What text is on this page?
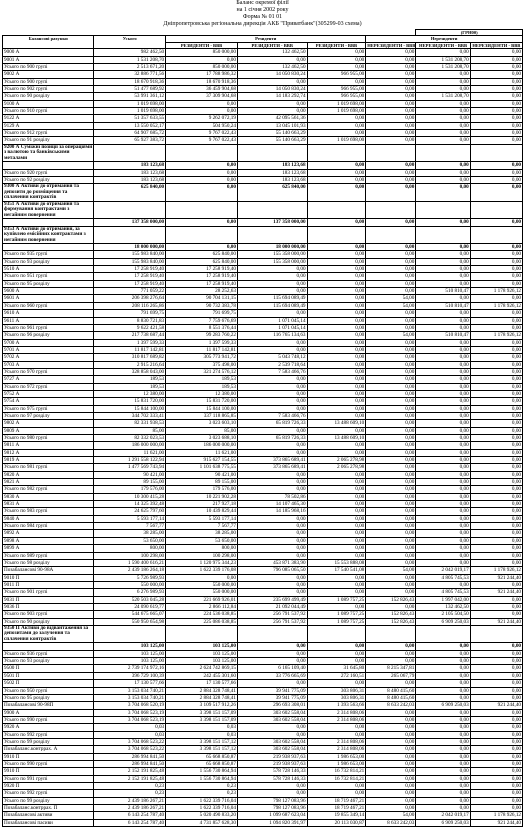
Баланс окремої філії
на 1 січня 2002 року
Форма № 01 01
Дніпропетровська регіональна дирекція АКБ "Приватбанк"(305299-03 схема)
						(ГРН00)	
Балансові рахунки	Усього	Резиденти			Нерезиденти		
		РЕЗИДЕНТИ - ВВВ	РЕЗИДЕНТИ - ВВВ	РЕЗИДЕНТИ - ВВВ	НЕРЕЗИДЕНТИ - ВВВ	НЕРЕЗИДЕНТИ - ВВВ	НЕРЕЗИДЕНТИ - ВВВ
9000 А	982 462,50	850 000,00	132 462,50	0,00	0,00	0,00	0,00
9001 А	1 531 208,70	0,00	0,00	0,00	0,00	1 531 208,70	0,00
Усього по 900 групі	2 513 671,20	850 000,00	132 462,50	0,00	0,00	1 531 208,70	0,00
9002 А	32 886 771,56	17 788 986,32	14 050 830,24	966 955,00	0,00	0,00	0,00
Усього по 900 групі	18 670 918,36	18 670 918,36	0,00	0,00	0,00	0,00	0,00
Усього по 902 групі	51 477 689,92	36 459 904,68	14 050 830,24	966 955,00	0,00	0,00	0,00
Усього по 90 розділу	53 991 361,12	37 309 904,68	14 183 292,74	966 955,00	0,00	1 531 208,70	0,00
9100 А	1 019 698,00	0,00	0,00	1 019 698,00	0,00	0,00	0,00
Усього по 910 групі	1 019 698,00	0,00	0,00	1 019 698,00	0,00	0,00	0,00
9122 А	51 357 633,55	9 262 072,19	42 095 561,36	0,00	0,00	0,00	0,00
9129 А	13 550 052,17	504 950,24	13 045 101,93	0,00	0,00	0,00	0,00
Усього по 912 групі	64 907 685,72	9 767 022,43	55 140 663,29	0,00	0,00	0,00	0,00
Усього по 91 розділу	65 927 383,72	9 767 022,43	55 140 663,29	1 019 698,00	0,00	0,00	0,00
9200 А Суміжні позиції за операціями з валютою та банківськими металами							
	183 123,68	0,00	183 123,68	0,00	0,00	0,00	0,00
Усього по 920 групі	183 123,68	0,00	183 123,68	0,00	0,00	0,00	0,00
Усього по 92 розділу	183 123,68	0,00	183 123,68	0,00	0,00	0,00	0,00
9300 А Активи до отримання та депозити до розміщення та сплачення контрактів	625 840,00	0,00	625 840,00	0,00	0,00	0,00	0,00
9351 А Активи до отримання та формування контрактами з негайним повернення							
	137 358 000,00	0,00	137 358 000,00	0,00	0,00	0,00	0,00
9353 А Активи до отримання, за купівлею емісійних контрактами з негайним повернення							
	18 000 000,00	0,00	18 000 000,00	0,00	0,00	0,00	0,00
Усього по 935 групі	155 983 840,00	625 840,00	155 358 000,00	0,00	0,00	0,00	0,00
Усього по 93 розділу	155 983 840,00	625 840,00	155 358 000,00	0,00	0,00	0,00	0,00
9510 А	17 258 919,40	17 258 919,40	0,00	0,00	0,00	0,00	0,00
Усього по 951 групі	17 258 919,40	17 258 919,40	0,00	0,00	0,00	0,00	0,00
Усього по 95 розділу	17 258 919,40	17 258 919,40	0,00	0,00	0,00	0,00	0,00
9600 А	771 059,22	28 252,63	0,00	0,00	0,00	510 810,47	1 178 926,12
9601 А	206 398 276,64	90 704 131,15	115 694 089,49	0,00	54,00	0,00	0,00
Усього по 960 групі	208 116 265,86	90 732 383,78	115 694 089,49	0,00	54,00	510 810,47	1 178 926,12
9610 А	791 699,75	791 699,75	0,00	0,00	0,00	0,00	0,00
9611 А	8 830 721,83	7 759 676,69	1 071 045,14	0,00	0,00	0,00	0,00
Усього по 961 групі	9 622 421,58	8 551 376,44	1 071 045,14	0,00	0,00	0,00	0,00
Усього по 96 розділу	217 738 687,44	99 283 760,22	116 765 134,63	0,00	54,00	510 810,47	1 178 926,12
9700 А	1 397 599,33	1 397 599,33	0,00	0,00	0,00	0,00	0,00
9701 А	11 817 142,81	11 817 142,81	0,00	0,00	0,00	0,00	0,00
9702 А	310 817 689,82	305 773 941,72	5 043 748,12	0,00	0,00	0,00	0,00
9703 А	2 915 216,64	375 498,00	2 539 718,64	0,00	0,00	0,00	0,00
Усього по 970 групі	328 858 043,00	321 274 576,12	7 583 466,76	0,00	0,00	0,00	0,00
9727 А	189,53	189,53	0,00	0,00	0,00	0,00	0,00
Усього по 972 групі	189,53	189,53	0,00	0,00	0,00	0,00	0,00
9752 А	12 380,00	12 380,00	0,00	0,00	0,00	0,00	0,00
9754 А	15 831 720,00	15 831 720,00	0,00	0,00	0,00	0,00	0,00
Усього по 975 групі	15 844 100,00	15 844 100,00	0,00	0,00	0,00	0,00	0,00
Усього по 97 розділу	344 702 333,41	337 118 865,85	7 583 466,76	0,00	0,00	0,00	0,00
9802 А	82 331 938,53	3 023 603,10	65 819 726,33	13 488 609,10	0,00	0,00	0,00
9809 А	85,00	85,00	0,00	0,00	0,00	0,00	0,00
Усього по 980 групі	82 332 023,53	3 023 688,10	65 819 726,33	13 488 609,10	0,00	0,00	0,00
9811 А	186 000 000,00	186 000 000,00	0,00	0,00	0,00	0,00	0,00
9812 А	11 621,00	11 621,00	0,00	0,00	0,00	0,00	0,00
9819 А	1 291 558 122,94	915 627 154,55	373 865 689,41	2 065 278,98	0,00	0,00	0,00
Усього по 981 групі	1 477 569 743,94	1 101 638 775,55	373 865 689,41	2 065 278,98	0,00	0,00	0,00
9820 А	90 421,00	90 421,00	0,00	0,00	0,00	0,00	0,00
9821 А	89 155,00	89 155,00	0,00	0,00	0,00	0,00	0,00
Усього по 982 групі	179 576,00	179 576,00	0,00	0,00	0,00	0,00	0,00
9830 А	10 300 415,28	10 221 902,28	78 502,86	0,00	0,00	0,00	0,00
9831 А	14 325 392,48	217 927,18	14 107 465,30	0,00	0,00	0,00	0,00
Усього по 983 групі	24 625 797,60	10 439 829,44	14 185 968,16	0,00	0,00	0,00	0,00
9840 А	5 593 177,14	5 593 177,14	0,00	0,00	0,00	0,00	0,00
Усього по 984 групі	7 567,77	7 567,77	0,00	0,00	0,00	0,00	0,00
9892 А	38 285,00	38 285,00	0,00	0,00	0,00	0,00	0,00
9898 А	53 650,00	53 650,00	0,00	0,00	0,00	0,00	0,00
9899 А	800,00	800,00	0,00	0,00	0,00	0,00	0,00
Усього по 989 групі	100 298,00	100 298,00	0,00	0,00	0,00	0,00	0,00
Усього по 98 розділу	1 590 400 616,21	1 120 975 344,23	453 871 383,90	15 553 888,08	0,00	0,00	0,00
Позабалансові 90-98А	2 439 186 264,18	1 622 339 176,08	796 085 065,50	17 540 541,08	54,00	2 042 019,17	1 178 926,12
9010 П	5 726 989,93	0,00	0,00	0,00	0,00	4 805 745,53	921 244,40
9011 П	550 000,00	550 000,00	0,00	0,00	0,00	0,00	0,00
Усього по 901 групі	6 276 989,93	550 000,00	0,00	0,00	0,00	4 805 745,53	921 244,40
9031 П	520 503 045,28	221 669 926,01	235 699 499,49	1 089 757,25	152 826,43	1 997 042,00	0,00
9036 П	24 090 619,77	2 866 112,84	21 092 044,49	0,00	0,00	132 462,50	0,00
Усього по 903 групі	544 675 665,07	224 536 038,85	256 791 537,92	1 089 757,25	152 826,43	2 105 504,50	0,00
Усього по 90 розділу	550 950 654,98	225 086 038,85	256 791 537,92	1 089 757,25	152 826,43	6 909 250,03	921 244,40
9350 П Активи до відвантаження за депозитами до залучення та сплачення контрактів							
	103 125,00	103 125,00	0,00	0,00	0,00	0,00	0,00
Усього по 936 групі	103 125,00	103 125,00	0,00	0,00	0,00	0,00	0,00
Усього по 93 розділу	103 125,00	103 125,00	0,00	0,00	0,00	0,00	0,00
9500 П	2 739 174 972,16	2 624 742 869,15	6 165 109,40	31 645,80	8 215 347,81	0,00	0,00
9501 П	396 729 100,39	242 455 301,60	33 776 665,69	272 160,51	265 067,79	0,00	0,00
9502 П	17 130 577,66	17 130 577,66	0,00	0,00	0,00	0,00	0,00
Усього по 950 групі	3 153 034 740,21	2 884 328 748,41	39 941 775,09	303 806,31	8 480 415,60	0,00	0,00
Усього по 95 розділу	3 153 034 740,21	2 884 328 748,41	39 941 775,09	303 806,31	8 480 415,60	0,00	0,00
Позабалансові 90-98П	3 704 068 520,19	3 109 517 912,26	296 693 308,01	1 393 563,66	8 633 242,03	6 909 250,03	921 244,40
9900 А	3 704 068 523,19	3 398 151 157,09	303 602 558,04	2 314 808,06	0,00	0,00	0,00
Усього по 990 групі	3 704 068 523,19	3 398 151 157,09	303 602 558,04	2 314 808,06	0,00	0,00	0,00
9920 А	0,03	0,03	0,00	0,00	0,00	0,00	0,00
Усього по 992 групі	0,03	0,03	0,00	0,00	0,00	0,00	0,00
Усього по 99 розділу	3 704 068 523,22	3 398 151 157,12	303 602 558,04	2 314 808,06	0,00	0,00	0,00
Позабаланс.контррах. А	3 704 068 523,22	3 398 151 157,12	303 602 558,04	2 314 808,06	0,00	0,00	0,00
9910 П	286 994 841,50	65 668 850,87	219 938 937,63	1 986 653,00	0,00	0,00	0,00
Усього по 990 групі	286 994 841,50	65 668 850,87	219 938 937,63	1 986 653,00	0,00	0,00	0,00
9910 П	2 152 191 825,48	1 556 730 864,94	578 728 146,33	16 732 814,21	0,00	0,00	0,00
Усього по 991 групі	2 152 191 825,48	1 556 730 864,94	578 728 146,33	16 732 814,21	0,00	0,00	0,00
9920 П	0,23	0,23	0,00	0,00	0,00	0,00	0,00
Усього по 992 групі	0,23	0,23	0,00	0,00	0,00	0,00	0,00
Усього по 99 розділу	2 439 186 267,21	1 622 339 716,04	798 127 083,96	18 719 467,21	0,00	0,00	0,00
Позабаланс.контррах. П	2 439 186 267,21	1 622 339 716,04	798 127 083,96	18 719 467,21	0,00	0,00	0,00
Позабалансові активи	6 143 254 787,40	5 020 490 833,20	1 099 687 623,04	19 855 349,14	54,00	2 042 019,17	1 178 926,12
Позабалансові пасиви	6 143 254 787,40	4 731 857 628,30	1 094 820 391,97	20 113 030,87	8 633 242,03	6 909 250,03	921 244,40
